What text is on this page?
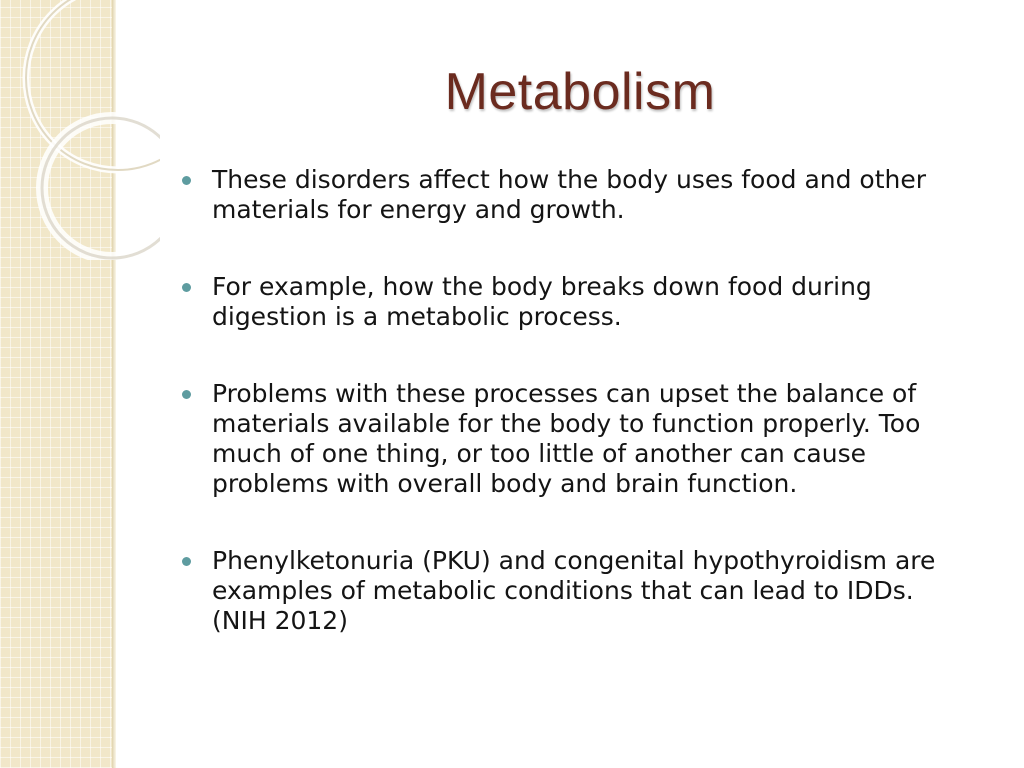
Metabolism
These disorders affect how the body uses food and other materials for energy and growth.
For example, how the body breaks down food during digestion is a metabolic process.
Problems with these processes can upset the balance of materials available for the body to function properly. Too much of one thing, or too little of another can cause problems with overall body and brain function.
Phenylketonuria (PKU) and congenital hypothyroidism are examples of metabolic conditions that can lead to IDDs. (NIH 2012)
